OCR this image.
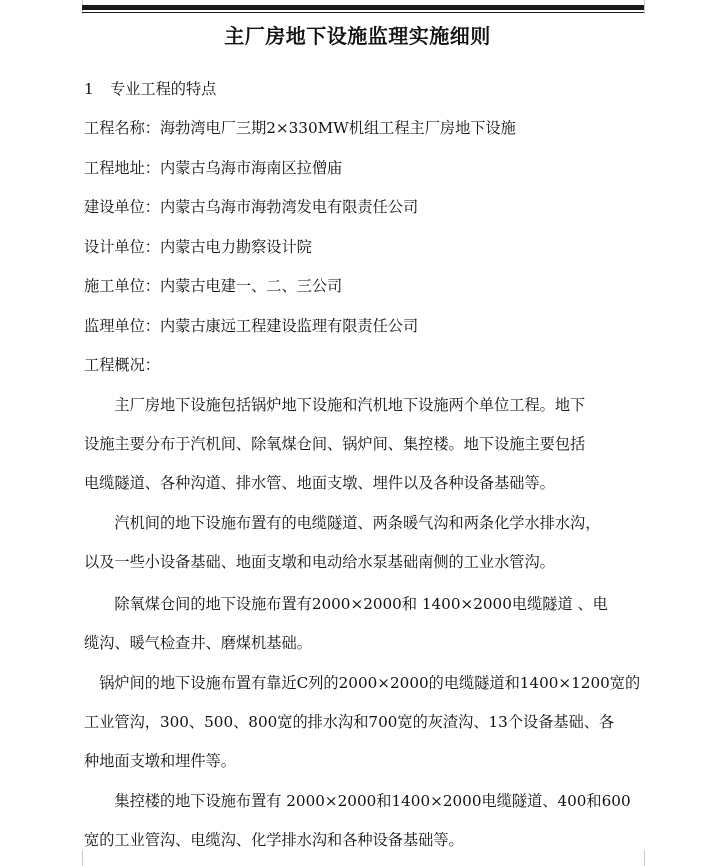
主厂房地下设施监理实施细则
1 专业工程的特点
工程名称：海勃湾电厂三期2×330MW机组工程主厂房地下设施
工程地址：内蒙古乌海市海南区拉僧庙
建设单位：内蒙古乌海市海勃湾发电有限责任公司
设计单位：内蒙古电力勘察设计院
施工单位：内蒙古电建一、二、三公司
监理单位：内蒙古康远工程建设监理有限责任公司
工程概况：
　　主厂房地下设施包括锅炉地下设施和汽机地下设施两个单位工程。地下
设施主要分布于汽机间、除氧煤仓间、锅炉间、集控楼。地下设施主要包括
电缆隧道、各种沟道、排水管、地面支墩、埋件以及各种设备基础等。
　　汽机间的地下设施布置有的电缆隧道、两条暖气沟和两条化学水排水沟，
以及一些小设备基础、地面支墩和电动给水泵基础南侧的工业水管沟。
　　除氧煤仓间的地下设施布置有2000×2000和 1400×2000电缆隧道 、电
缆沟、暖气检查井、磨煤机基础。
　锅炉间的地下设施布置有靠近C列的2000×2000的电缆隧道和1400×1200宽的
工业管沟，300、500、800宽的排水沟和700宽的灰渣沟、13个设备基础、各
种地面支墩和埋件等。
　　集控楼的地下设施布置有 2000×2000和1400×2000电缆隧道、400和600
宽的工业管沟、电缆沟、化学排水沟和各种设备基础等。
